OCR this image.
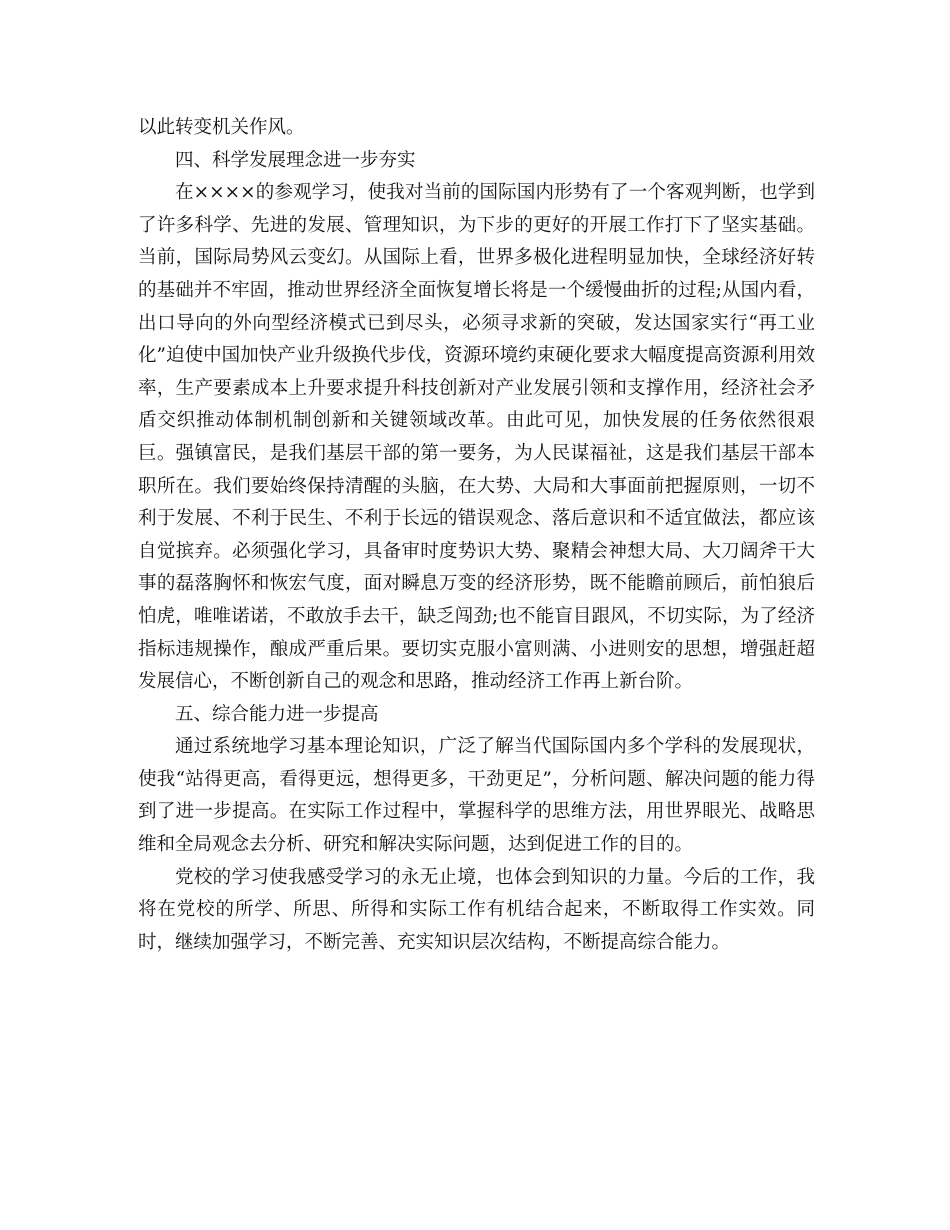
以此转变机关作风。

四、科学发展理念进一步夯实

在××××的参观学习，使我对当前的国际国内形势有了一个客观判断，也学到了许多科学、先进的发展、管理知识，为下步的更好的开展工作打下了坚实基础。当前，国际局势风云变幻。从国际上看，世界多极化进程明显加快，全球经济好转的基础并不牢固，推动世界经济全面恢复增长将是一个缓慢曲折的过程;从国内看，出口导向的外向型经济模式已到尽头，必须寻求新的突破，发达国家实行“再工业化”迫使中国加快产业升级换代步伐，资源环境约束硬化要求大幅度提高资源利用效率，生产要素成本上升要求提升科技创新对产业发展引领和支撑作用，经济社会矛盾交织推动体制机制创新和关键领域改革。由此可见，加快发展的任务依然很艰巨。强镇富民，是我们基层干部的第一要务，为人民谋福祉，这是我们基层干部本职所在。我们要始终保持清醒的头脑，在大势、大局和大事面前把握原则，一切不利于发展、不利于民生、不利于长远的错误观念、落后意识和不适宜做法，都应该自觉摈弃。必须强化学习，具备审时度势识大势、聚精会神想大局、大刀阔斧干大事的磊落胸怀和恢宏气度，面对瞬息万变的经济形势，既不能瞻前顾后，前怕狼后怕虎，唯唯诺诺，不敢放手去干，缺乏闯劲;也不能盲目跟风，不切实际，为了经济指标违规操作，酿成严重后果。要切实克服小富则满、小进则安的思想，增强赶超发展信心，不断创新自己的观念和思路，推动经济工作再上新台阶。

五、综合能力进一步提高

通过系统地学习基本理论知识，广泛了解当代国际国内多个学科的发展现状，使我“站得更高，看得更远，想得更多，干劲更足”，分析问题、解决问题的能力得到了进一步提高。在实际工作过程中，掌握科学的思维方法，用世界眼光、战略思维和全局观念去分析、研究和解决实际问题，达到促进工作的目的。

党校的学习使我感受学习的永无止境，也体会到知识的力量。今后的工作，我将在党校的所学、所思、所得和实际工作有机结合起来，不断取得工作实效。同时，继续加强学习，不断完善、充实知识层次结构，不断提高综合能力。
